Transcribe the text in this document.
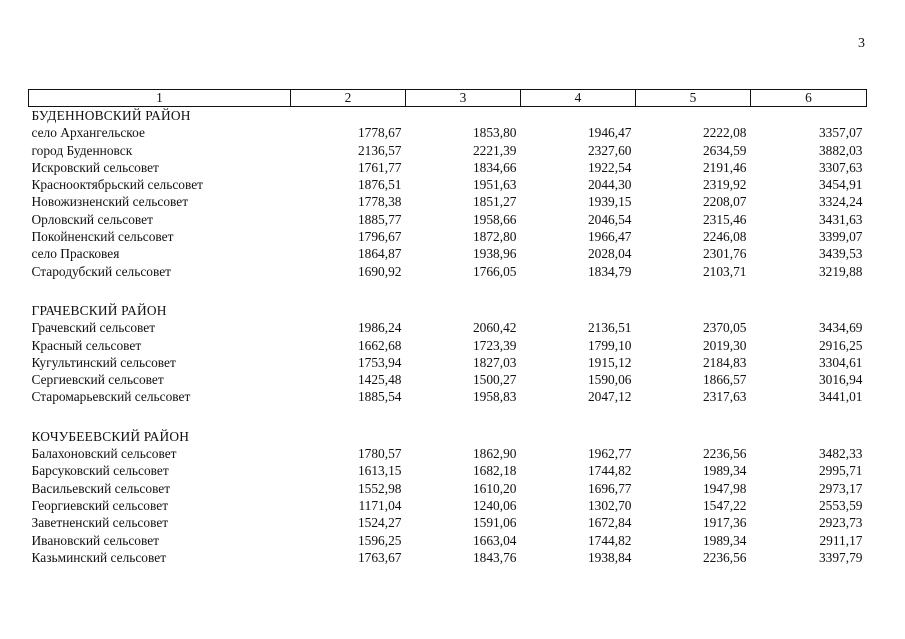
3
1	2	3	4	5	6
БУДЕННОВСКИЙ РАЙОН					
село Архангельское	1778,67	1853,80	1946,47	2222,08	3357,07
город Буденновск	2136,57	2221,39	2327,60	2634,59	3882,03
Искровский сельсовет	1761,77	1834,66	1922,54	2191,46	3307,63
Краснооктябрьский сельсовет	1876,51	1951,63	2044,30	2319,92	3454,91
Новожизненский сельсовет	1778,38	1851,27	1939,15	2208,07	3324,24
Орловский сельсовет	1885,77	1958,66	2046,54	2315,46	3431,63
Покойненский сельсовет	1796,67	1872,80	1966,47	2246,08	3399,07
село Прасковея	1864,87	1938,96	2028,04	2301,76	3439,53
Стародубский сельсовет	1690,92	1766,05	1834,79	2103,71	3219,88

ГРАЧЕВСКИЙ РАЙОН					
Грачевский сельсовет	1986,24	2060,42	2136,51	2370,05	3434,69
Красный сельсовет	1662,68	1723,39	1799,10	2019,30	2916,25
Кугультинский сельсовет	1753,94	1827,03	1915,12	2184,83	3304,61
Сергиевский сельсовет	1425,48	1500,27	1590,06	1866,57	3016,94
Старомарьевский сельсовет	1885,54	1958,83	2047,12	2317,63	3441,01

КОЧУБЕЕВСКИЙ РАЙОН					
Балахоновский сельсовет	1780,57	1862,90	1962,77	2236,56	3482,33
Барсуковский сельсовет	1613,15	1682,18	1744,82	1989,34	2995,71
Васильевский сельсовет	1552,98	1610,20	1696,77	1947,98	2973,17
Георгиевский сельсовет	1171,04	1240,06	1302,70	1547,22	2553,59
Заветненский сельсовет	1524,27	1591,06	1672,84	1917,36	2923,73
Ивановский сельсовет	1596,25	1663,04	1744,82	1989,34	2911,17
Казьминский сельсовет	1763,67	1843,76	1938,84	2236,56	3397,79
